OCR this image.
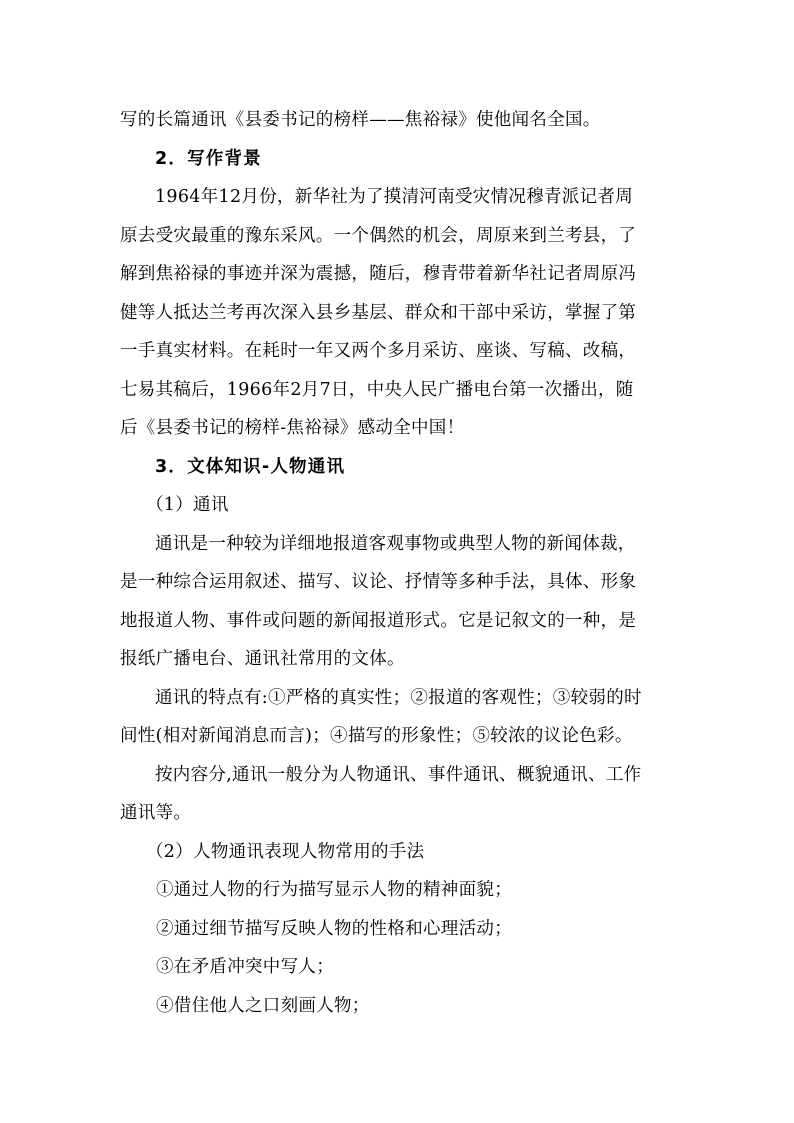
写的长篇通讯《县委书记的榜样——焦裕禄》使他闻名全国。
2．写作背景
1964年12月份，新华社为了摸清河南受灾情况穆青派记者周
原去受灾最重的豫东采风。一个偶然的机会，周原来到兰考县，了
解到焦裕禄的事迹并深为震撼，随后，穆青带着新华社记者周原冯
健等人抵达兰考再次深入县乡基层、群众和干部中采访，掌握了第
一手真实材料。在耗时一年又两个多月采访、座谈、写稿、改稿，
七易其稿后，1966年2月7日，中央人民广播电台第一次播出，随
后《县委书记的榜样-焦裕禄》感动全中国！
3．文体知识-人物通讯
（1）通讯
通讯是一种较为详细地报道客观事物或典型人物的新闻体裁，
是一种综合运用叙述、描写、议论、抒情等多种手法，具体、形象
地报道人物、事件或问题的新闻报道形式。它是记叙文的一种，是
报纸广播电台、通讯社常用的文体。
通讯的特点有:①严格的真实性；②报道的客观性；③较弱的时
间性(相对新闻消息而言)；④描写的形象性；⑤较浓的议论色彩。
按内容分,通讯一般分为人物通讯、事件通讯、概貌通讯、工作
通讯等。
（2）人物通讯表现人物常用的手法
①通过人物的行为描写显示人物的精神面貌；
②通过细节描写反映人物的性格和心理活动；
③在矛盾冲突中写人；
④借住他人之口刻画人物；
